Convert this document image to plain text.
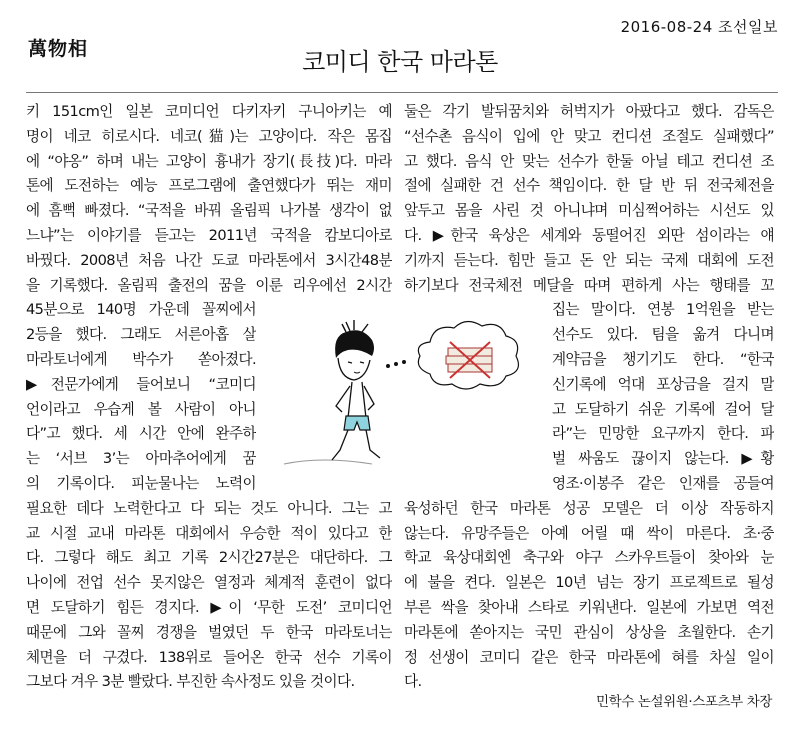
2016-08-24 조선일보
萬物相	코미디 한국 마라톤
키 151cm인 일본 코미디언 다키자키 구니아키는 예
명이 네코 히로시다. 네코(猫)는 고양이다. 작은 몸집
에 “야옹” 하며 내는 고양이 흉내가 장기(長技)다. 마라
톤에 도전하는 예능 프로그램에 출연했다가 뛰는 재미
에 흠뻑 빠졌다. “국적을 바꿔 올림픽 나가볼 생각이 없
느냐”는 이야기를 듣고는 2011년 국적을 캄보디아로
바꿨다. 2008년 처음 나간 도쿄 마라톤에서 3시간48분
을 기록했다. 올림픽 출전의 꿈을 이룬 리우에선 2시간
45분으로 140명 가운데 꼴찌에서
2등을 했다. 그래도 서른아홉 살
마라토너에게 박수가 쏟아졌다.
▶전문가에게 들어보니 “코미디
언이라고 우습게 볼 사람이 아니
다”고 했다. 세 시간 안에 완주하
는 ‘서브 3’는 아마추어에게 꿈
의 기록이다. 피눈물나는 노력이
필요한 데다 노력한다고 다 되는 것도 아니다. 그는 고
교 시절 교내 마라톤 대회에서 우승한 적이 있다고 한
다. 그렇다 해도 최고 기록 2시간27분은 대단하다. 그
나이에 전업 선수 못지않은 열정과 체계적 훈련이 없다
면 도달하기 힘든 경지다. ▶이 ‘무한 도전’ 코미디언
때문에 그와 꼴찌 경쟁을 벌였던 두 한국 마라토너는
체면을 더 구겼다. 138위로 들어온 한국 선수 기록이
그보다 겨우 3분 빨랐다. 부진한 속사정도 있을 것이다.
둘은 각기 발뒤꿈치와 허벅지가 아팠다고 했다. 감독은
“선수촌 음식이 입에 안 맞고 컨디션 조절도 실패했다”
고 했다. 음식 안 맞는 선수가 한둘 아닐 테고 컨디션 조
절에 실패한 건 선수 책임이다. 한 달 반 뒤 전국체전을
앞두고 몸을 사린 것 아니냐며 미심쩍어하는 시선도 있
다. ▶한국 육상은 세계와 동떨어진 외딴 섬이라는 얘
기까지 듣는다. 힘만 들고 돈 안 되는 국제 대회에 도전
하기보다 전국체전 메달을 따며 편하게 사는 행태를 꼬
집는 말이다. 연봉 1억원을 받는
선수도 있다. 팀을 옮겨 다니며
계약금을 챙기기도 한다. “한국
신기록에 억대 포상금을 걸지 말
고 도달하기 쉬운 기록에 걸어 달
라”는 민망한 요구까지 한다. 파
벌 싸움도 끊이지 않는다. ▶황
영조·이봉주 같은 인재를 공들여
육성하던 한국 마라톤 성공 모델은 더 이상 작동하지
않는다. 유망주들은 아예 어릴 때 싹이 마른다. 초·중
학교 육상대회엔 축구와 야구 스카우트들이 찾아와 눈
에 불을 켠다. 일본은 10년 넘는 장기 프로젝트로 될성
부른 싹을 찾아내 스타로 키워낸다. 일본에 가보면 역전
마라톤에 쏟아지는 국민 관심이 상상을 초월한다. 손기
정 선생이 코미디 같은 한국 마라톤에 혀를 차실 일이
다.
민학수 논설위원·스포츠부 차장
